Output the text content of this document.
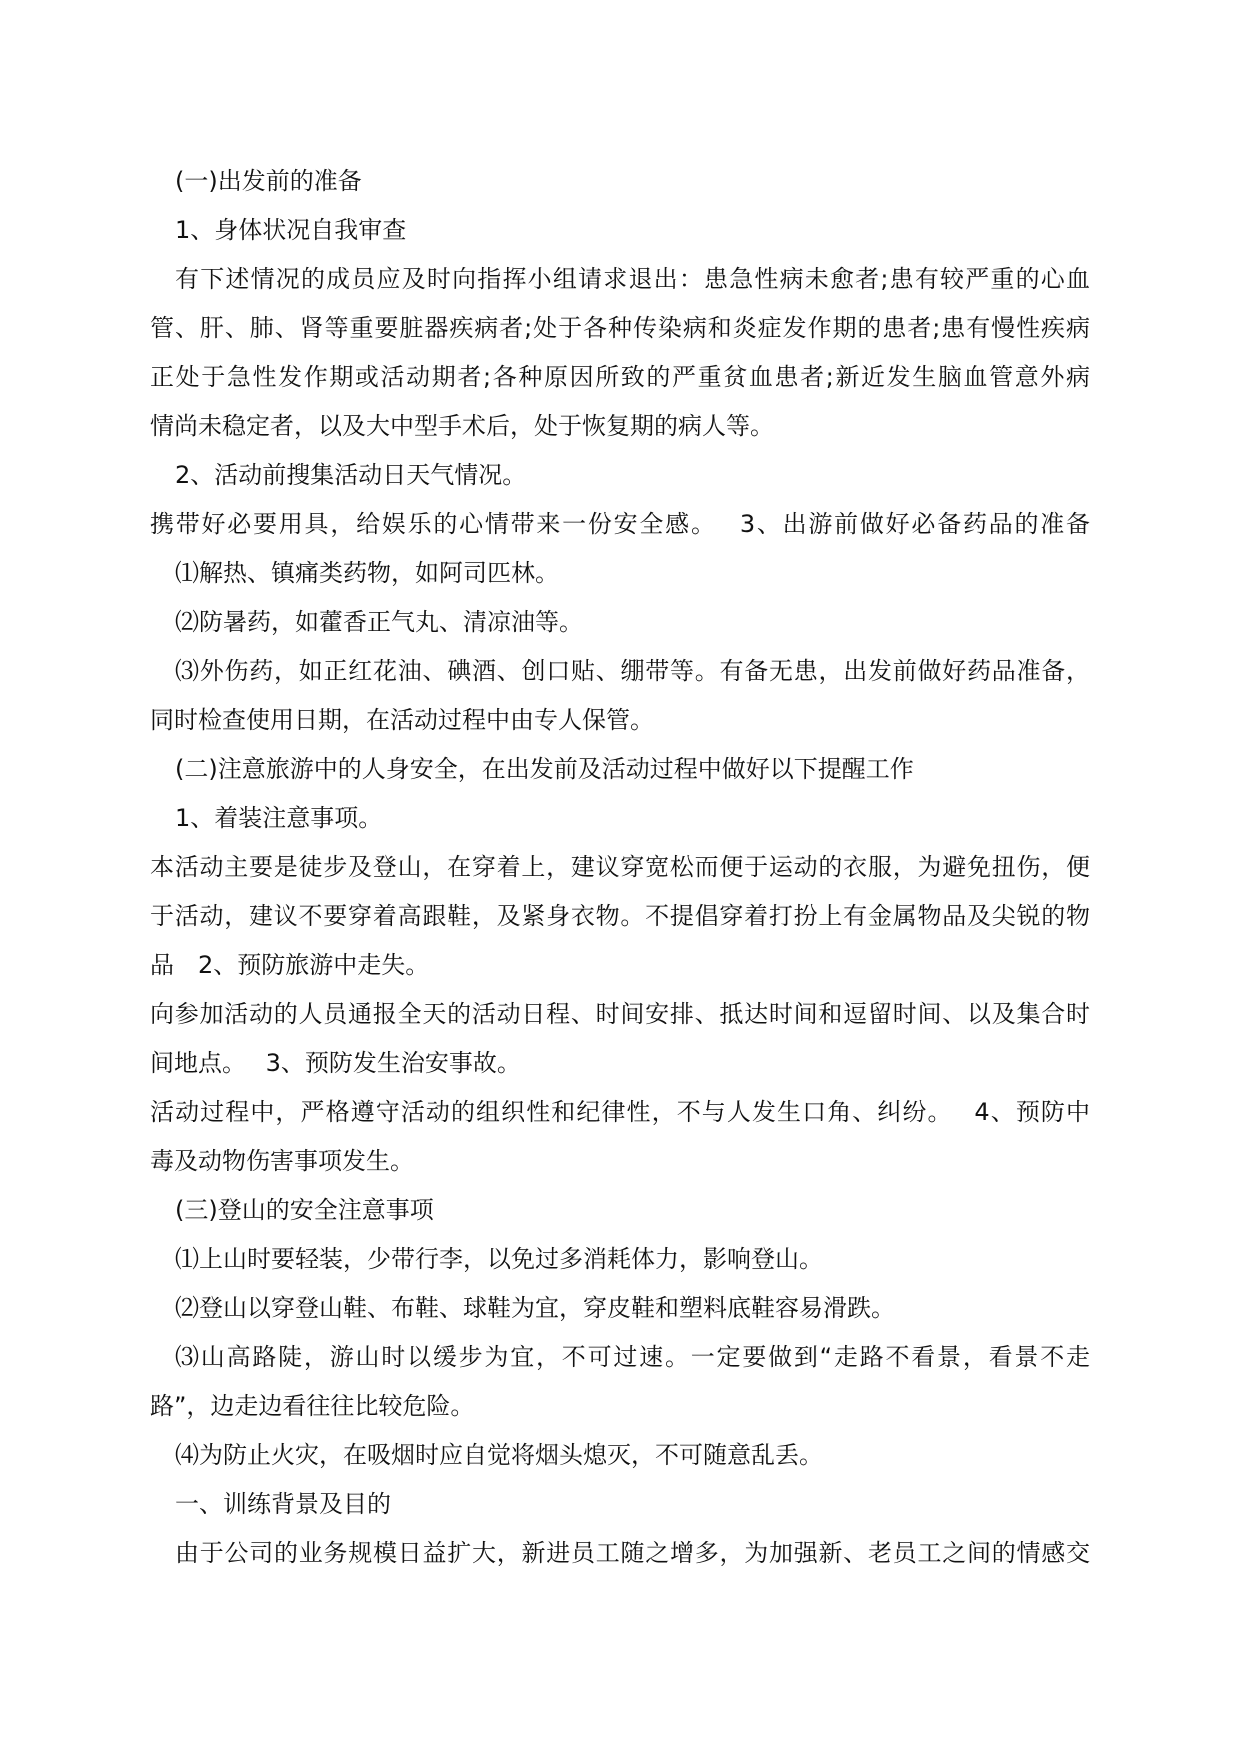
(一)出发前的准备

1、身体状况自我审查

有下述情况的成员应及时向指挥小组请求退出：患急性病未愈者;患有较严重的心血

管、肝、肺、肾等重要脏器疾病者;处于各种传染病和炎症发作期的患者;患有慢性疾病

正处于急性发作期或活动期者;各种原因所致的严重贫血患者;新近发生脑血管意外病

情尚未稳定者，以及大中型手术后，处于恢复期的病人等。

2、活动前搜集活动日天气情况。

携带好必要用具，给娱乐的心情带来一份安全感。　 3、出游前做好必备药品的准备

⑴解热、镇痛类药物，如阿司匹林。

⑵防暑药，如藿香正气丸、清凉油等。

⑶外伤药，如正红花油、碘酒、创口贴、绷带等。有备无患，出发前做好药品准备，

同时检查使用日期，在活动过程中由专人保管。

(二)注意旅游中的人身安全，在出发前及活动过程中做好以下提醒工作

1、着装注意事项。

本活动主要是徒步及登山，在穿着上，建议穿宽松而便于运动的衣服，为避免扭伤，便

于活动，建议不要穿着高跟鞋，及紧身衣物。不提倡穿着打扮上有金属物品及尖锐的物

品　2、预防旅游中走失。

向参加活动的人员通报全天的活动日程、时间安排、抵达时间和逗留时间、以及集合时

间地点。　 3、预防发生治安事故。

活动过程中，严格遵守活动的组织性和纪律性，不与人发生口角、纠纷。　 4、预防中

毒及动物伤害事项发生。

(三)登山的安全注意事项

⑴上山时要轻装，少带行李，以免过多消耗体力，影响登山。

⑵登山以穿登山鞋、布鞋、球鞋为宜，穿皮鞋和塑料底鞋容易滑跌。

⑶山高路陡，游山时以缓步为宜，不可过速。一定要做到“走路不看景，看景不走

路”，边走边看往往比较危险。

⑷为防止火灾，在吸烟时应自觉将烟头熄灭，不可随意乱丢。

一、训练背景及目的

由于公司的业务规模日益扩大，新进员工随之增多，为加强新、老员工之间的情感交
